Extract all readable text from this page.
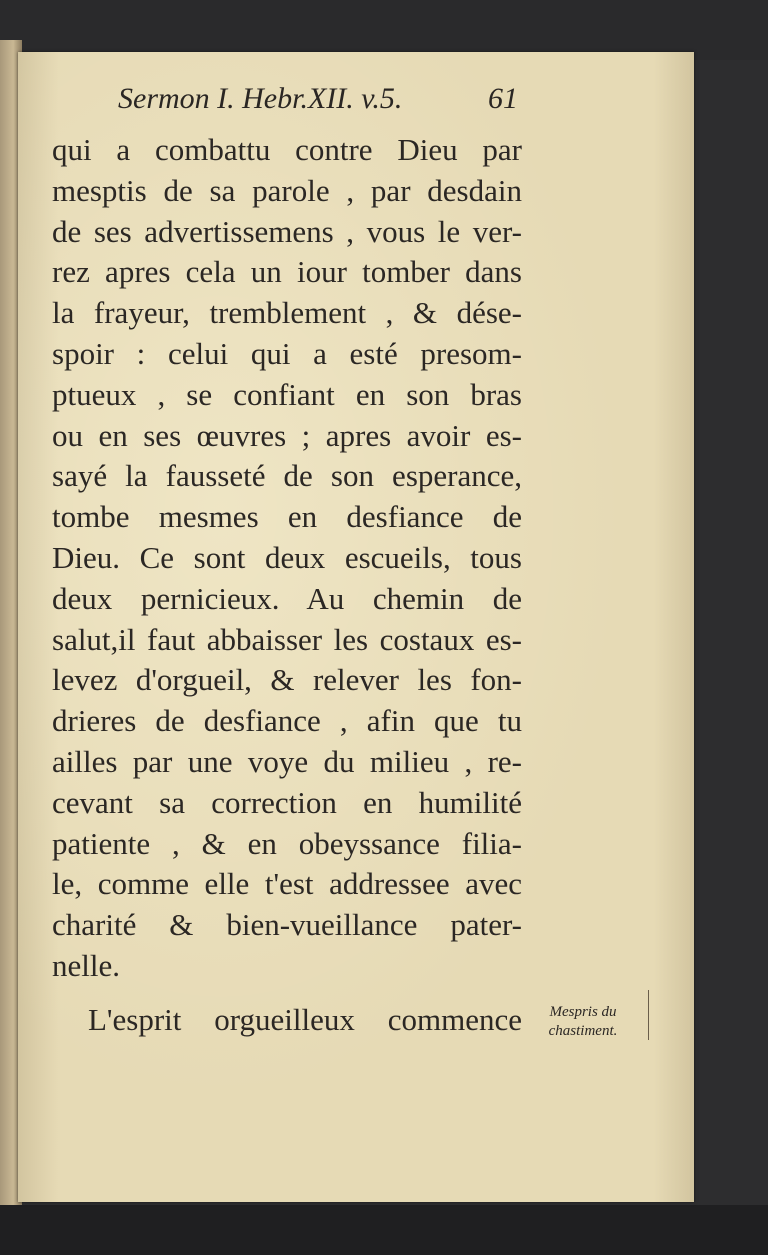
Sermon I. Hebr.XII. v.5.	61
qui a combattu contre Dieu par
mesptis de sa parole , par desdain
de ses advertissemens , vous le ver-
rez apres cela un iour tomber dans
la frayeur, tremblement , & dése-
spoir : celui qui a esté presom-
ptueux , se confiant en son bras
ou en ses œuvres ; apres avoir es-
sayé la fausseté de son esperance,
tombe mesmes en desfiance de
Dieu. Ce sont deux escueils, tous
deux pernicieux. Au chemin de
salut,il faut abbaisser les costaux es-
levez d'orgueil, & relever les fon-
drieres de desfiance , afin que tu
ailles par une voye du milieu , re-
cevant sa correction en humilité
patiente , & en obeyssance filia-
le, comme elle t'est addressee avec
charité & bien-vueillance pater-
nelle.
L'esprit orgueilleux commence	Mespris du
chastiment.
